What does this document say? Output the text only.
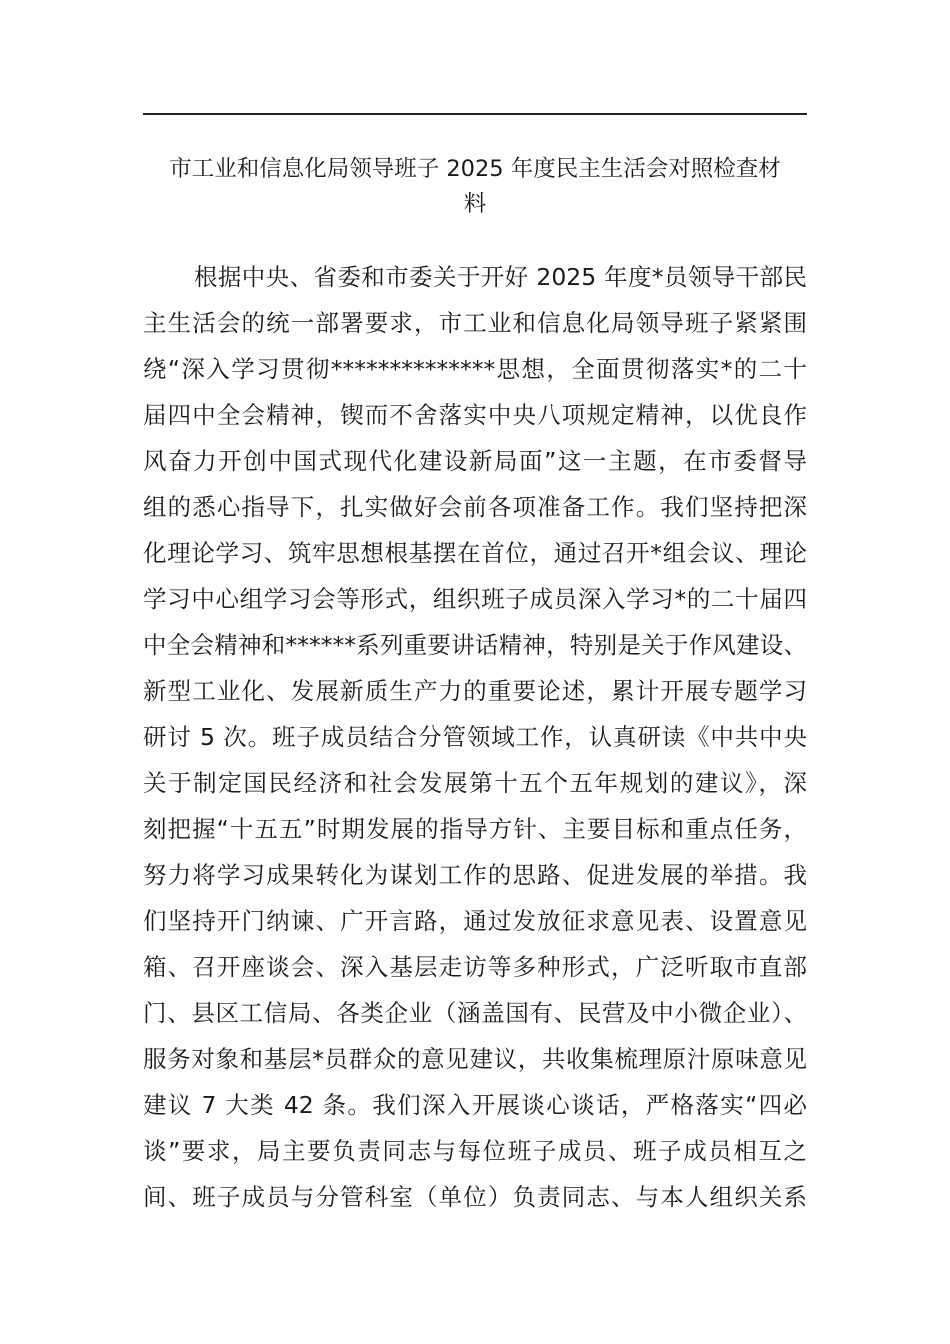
市工业和信息化局领导班子 2025 年度民主生活会对照检查材
料
根据中央、省委和市委关于开好 2025 年度*员领导干部民
主生活会的统一部署要求，市工业和信息化局领导班子紧紧围
绕“深入学习贯彻**************思想，全面贯彻落实*的二十
届四中全会精神，锲而不舍落实中央八项规定精神，以优良作
风奋力开创中国式现代化建设新局面”这一主题，在市委督导
组的悉心指导下，扎实做好会前各项准备工作。我们坚持把深
化理论学习、筑牢思想根基摆在首位，通过召开*组会议、理论
学习中心组学习会等形式，组织班子成员深入学习*的二十届四
中全会精神和******系列重要讲话精神，特别是关于作风建设、
新型工业化、发展新质生产力的重要论述，累计开展专题学习
研讨 5 次。班子成员结合分管领域工作，认真研读《中共中央
关于制定国民经济和社会发展第十五个五年规划的建议》，深
刻把握“十五五”时期发展的指导方针、主要目标和重点任务，
努力将学习成果转化为谋划工作的思路、促进发展的举措。我
们坚持开门纳谏、广开言路，通过发放征求意见表、设置意见
箱、召开座谈会、深入基层走访等多种形式，广泛听取市直部
门、县区工信局、各类企业（涵盖国有、民营及中小微企业）、
服务对象和基层*员群众的意见建议，共收集梳理原汁原味意见
建议 7 大类 42 条。我们深入开展谈心谈话，严格落实“四必
谈”要求，局主要负责同志与每位班子成员、班子成员相互之
间、班子成员与分管科室（单位）负责同志、与本人组织关系
